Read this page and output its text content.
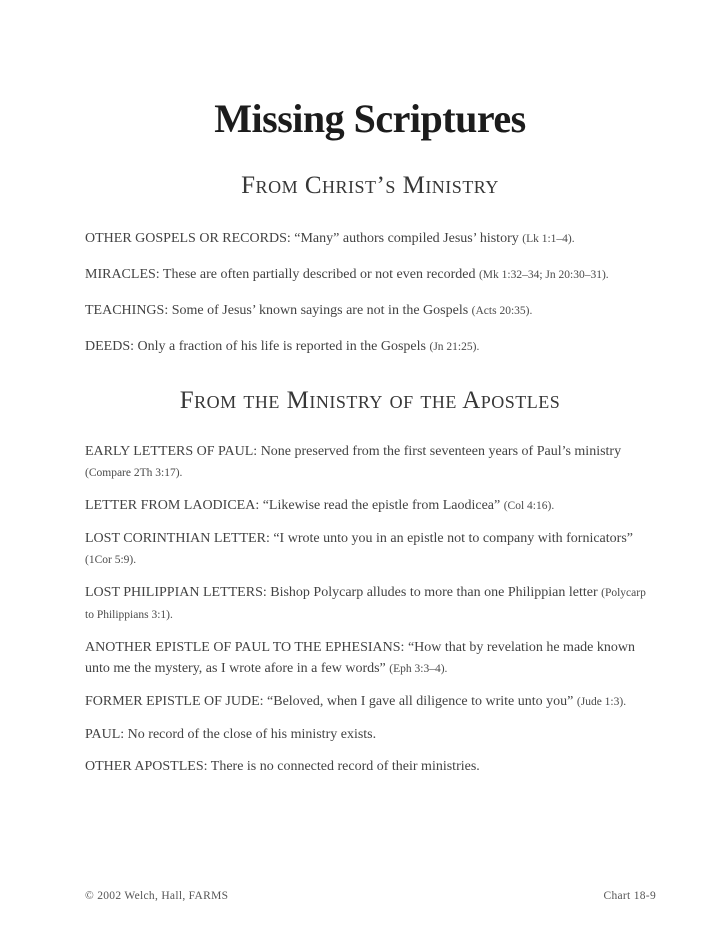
Missing Scriptures
From Christ’s Ministry

OTHER GOSPELS OR RECORDS: “Many” authors compiled Jesus’ history (Lk 1:1–4).

MIRACLES: These are often partially described or not even recorded (Mk 1:32–34; Jn 20:30–31).

TEACHINGS: Some of Jesus’ known sayings are not in the Gospels (Acts 20:35).

DEEDS: Only a fraction of his life is reported in the Gospels (Jn 21:25).

From the Ministry of the Apostles

EARLY LETTERS OF PAUL: None preserved from the first seventeen years of Paul’s ministry (Compare 2Th 3:17).

LETTER FROM LAODICEA: “Likewise read the epistle from Laodicea” (Col 4:16).

LOST CORINTHIAN LETTER: “I wrote unto you in an epistle not to company with fornicators” (1Cor 5:9).

LOST PHILIPPIAN LETTERS: Bishop Polycarp alludes to more than one Philippian letter (Polycarp to Philippians 3:1).

ANOTHER EPISTLE OF PAUL TO THE EPHESIANS: “How that by revelation he made known unto me the mystery, as I wrote afore in a few words” (Eph 3:3–4).

FORMER EPISTLE OF JUDE: “Beloved, when I gave all diligence to write unto you” (Jude 1:3).

PAUL: No record of the close of his ministry exists.

OTHER APOSTLES: There is no connected record of their ministries.

© 2002 Welch, Hall, FARMS	Chart 18-9
